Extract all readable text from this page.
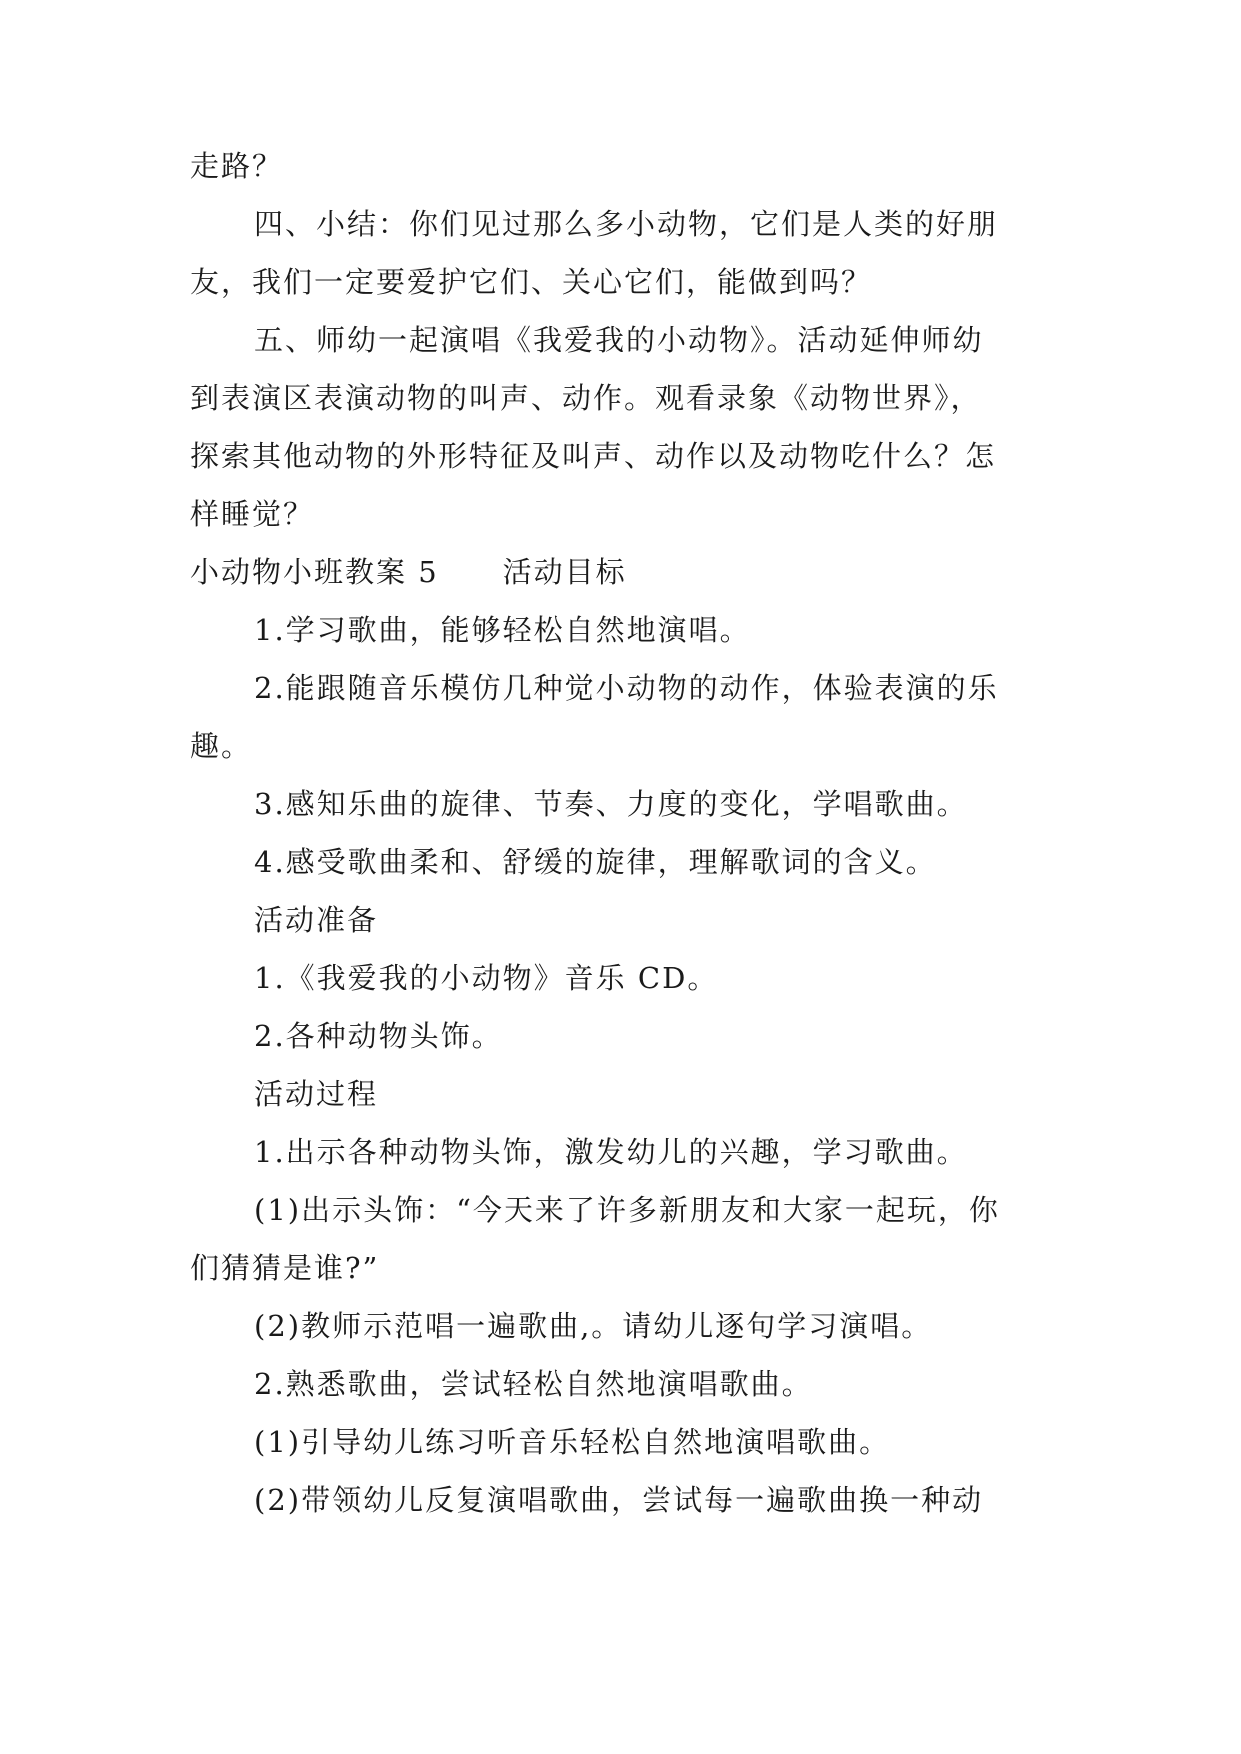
走路？
四、小结：你们见过那么多小动物，它们是人类的好朋
友，我们一定要爱护它们、关心它们，能做到吗？
五、师幼一起演唱《我爱我的小动物》。活动延伸师幼
到表演区表演动物的叫声、动作。观看录象《动物世界》，
探索其他动物的外形特征及叫声、动作以及动物吃什么？怎
样睡觉？
小动物小班教案 5 活动目标
1.学习歌曲，能够轻松自然地演唱。
2.能跟随音乐模仿几种觉小动物的动作，体验表演的乐
趣。
3.感知乐曲的旋律、节奏、力度的变化，学唱歌曲。
4.感受歌曲柔和、舒缓的旋律，理解歌词的含义。
活动准备
1.《我爱我的小动物》音乐 CD。
2.各种动物头饰。
活动过程
1.出示各种动物头饰，激发幼儿的兴趣，学习歌曲。
(1)出示头饰：“今天来了许多新朋友和大家一起玩，你
们猜猜是谁?”
(2)教师示范唱一遍歌曲,。请幼儿逐句学习演唱。
2.熟悉歌曲，尝试轻松自然地演唱歌曲。
(1)引导幼儿练习听音乐轻松自然地演唱歌曲。
(2)带领幼儿反复演唱歌曲，尝试每一遍歌曲换一种动
